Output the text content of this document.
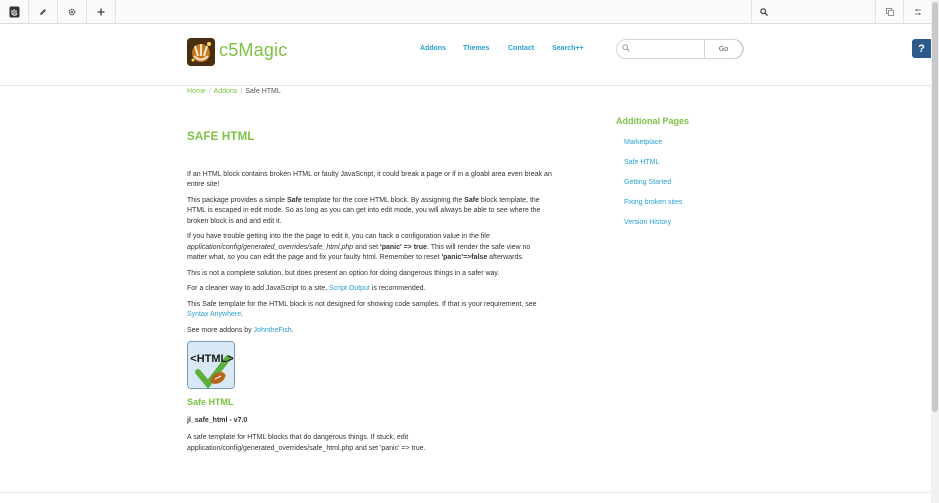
c5Magic	Addons Themes	Contact	Search++	Go	?
Home / Addons / Safe HTML
SAFE HTML

If an HTML block contains broken HTML or faulty JavaScript, it could break a page or if in a gloabl area even break an entire site!

This package provides a simple Safe template for the core HTML block. By assigning the Safe block template, the HTML is escaped in edit mode. So as long as you can get into edit mode, you will always be able to see where the broken block is and and edit it.

If you have trouble getting into the the page to edit it, you can hack a configuration value in the file application/config/generated_overrides/safe_html.php and set 'panic' => true. This will render the safe view no matter what, so you can edit the page and fix your faulty html. Remember to reset 'panic'=>false afterwards.

This is not a complete solution, but does present an option for doing dangerous things in a safer way.

For a cleaner way to add JavaScript to a site, Script Output is recommended.

This Safe template for the HTML block is not designed for showing code samples. If that is your requirement, see Syntax Anywhere.

See more addons by JohntheFish.

<HTML>
Safe HTML
jl_safe_html - v7.0

A safe template for HTML blocks that do dangerous things. If stuck, edit application/config/generated_overrides/safe_html.php and set 'panic' => true.

Additional Pages
Marketplace
Safe HTML
Getting Started
Fixing broken sites
Version History
